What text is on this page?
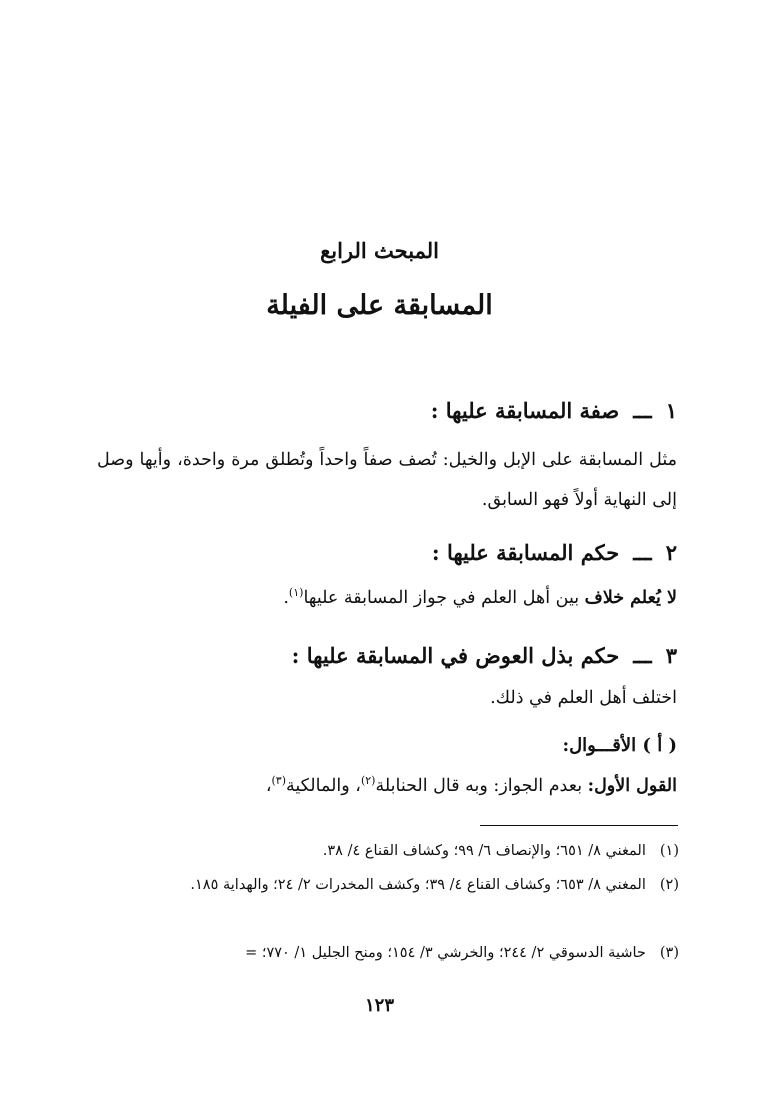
المبحث الرابع
المسابقة على الفيلة
١ـــصفة المسابقة عليها :
مثل المسابقة على الإبل والخيل: تُصف صفاً واحداً وتُطلق مرة واحدة، وأيها وصل إلى النهاية أولاً فهو السابق.
٢ـــحكم المسابقة عليها :
لا يُعلم خلاف بين أهل العلم في جواز المسابقة عليها$^{(١)}$.
٣ـــحكم بذل العوض في المسابقة عليها :
اختلف أهل العلم في ذلك.
( أ ) الأقـــوال:
القول الأول: بعدم الجواز: وبه قال الحنابلة$^{(٢)}$، والمالكية$^{(٣)}$،
(١)المغني ٨/ ٦٥١؛ والإنصاف ٦/ ٩٩؛ وكشاف القناع ٤/ ٣٨.
(٢)المغني ٨/ ٦٥٣؛ وكشاف القناع ٤/ ٣٩؛ وكشف المخدرات ٢/ ٢٤؛ والهداية ١٨٥.
(٣)حاشية الدسوقي ٢/ ٢٤٤؛ والخرشي ٣/ ١٥٤؛ ومنح الجليل ١/ ٧٧٠؛ =
١٢٣
